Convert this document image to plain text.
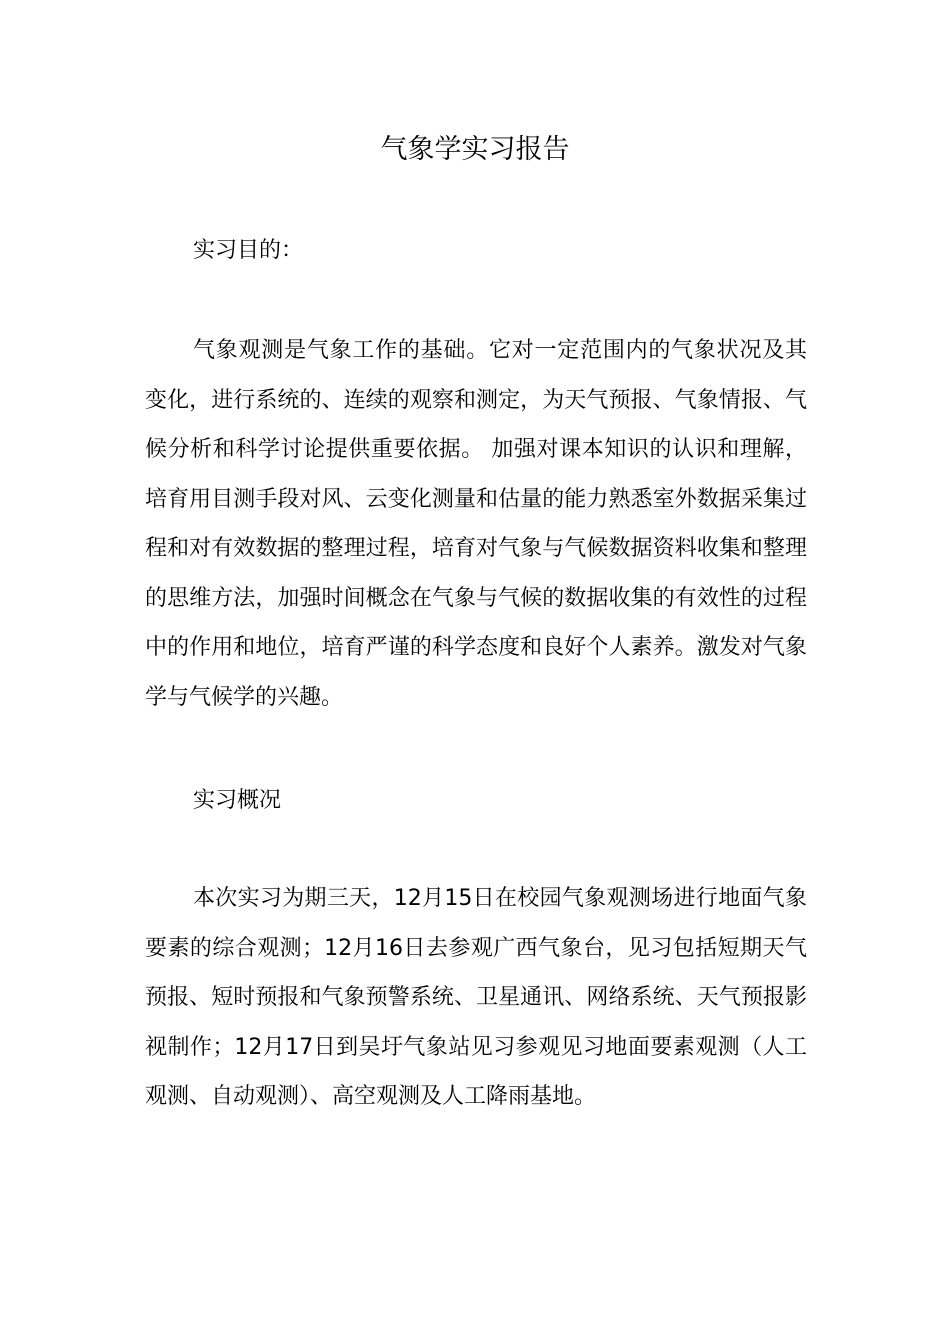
气象学实习报告

实习目的：

气象观测是气象工作的基础。它对一定范围内的气象状况及其变化，进行系统的、连续的观察和测定，为天气预报、气象情报、气候分析和科学讨论提供重要依据。 加强对课本知识的认识和理解，培育用目测手段对风、云变化测量和估量的能力熟悉室外数据采集过程和对有效数据的整理过程，培育对气象与气候数据资料收集和整理的思维方法，加强时间概念在气象与气候的数据收集的有效性的过程中的作用和地位，培育严谨的科学态度和良好个人素养。激发对气象学与气候学的兴趣。

实习概况

本次实习为期三天，12月15日在校园气象观测场进行地面气象要素的综合观测；12月16日去参观广西气象台，见习包括短期天气预报、短时预报和气象预警系统、卫星通讯、网络系统、天气预报影视制作；12月17日到吴圩气象站见习参观见习地面要素观测（人工观测、自动观测）、高空观测及人工降雨基地。
